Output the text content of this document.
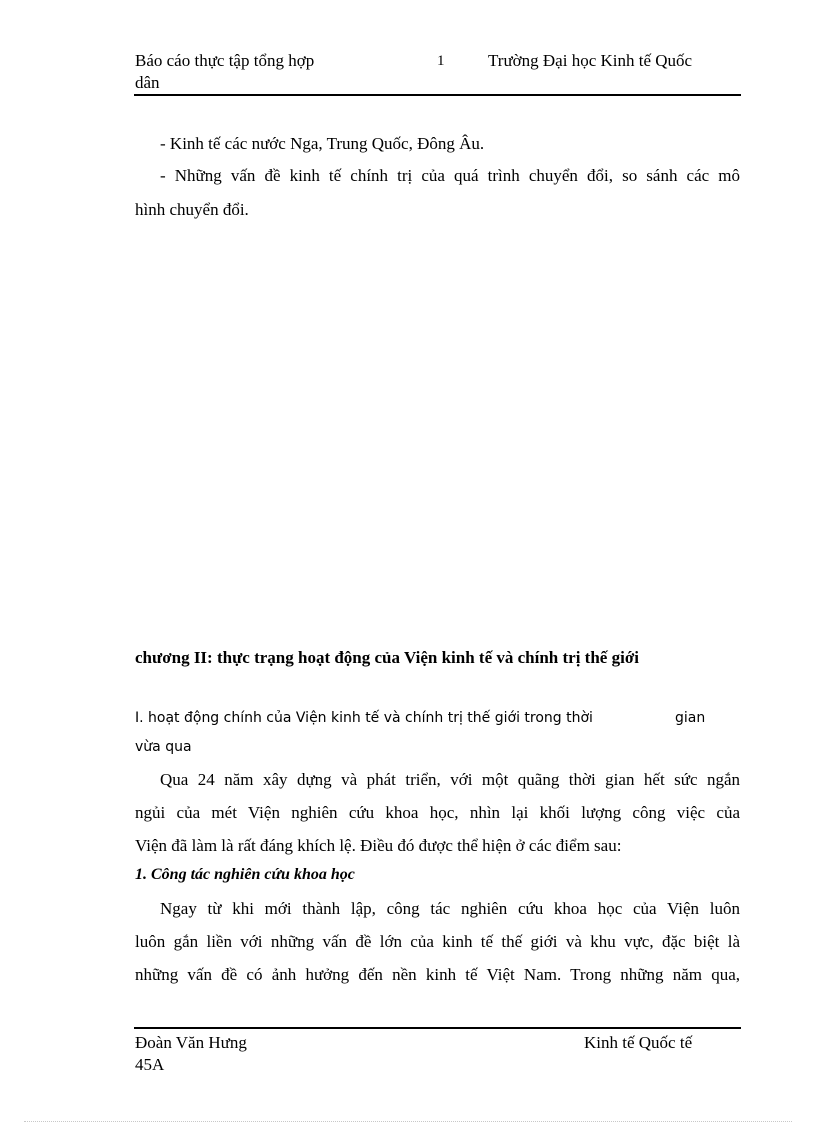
Báo cáo thực tập tổng hợp
dân
1	Trường Đại học Kinh tế Quốc
- Kinh tế các nước Nga, Trung Quốc, Đông Âu.
- Những vấn đề kinh tế chính trị của quá trình chuyển đổi, so sánh các mô
hình chuyển đổi.
chương II: thực trạng hoạt động của Viện kinh tế và chính trị thế giới
I. hoạt động chính của Viện kinh tế và chính trị thế giới trong thời	gian
vừa qua
Qua 24 năm xây dựng và phát triển, với một quãng thời gian hết sức ngắn
ngủi của mét Viện nghiên cứu khoa học, nhìn lại khối lượng công việc của
Viện đã làm là rất đáng khích lệ. Điều đó được thể hiện ở các điểm sau:
1. Công tác nghiên cứu khoa học
Ngay từ khi mới thành lập, công tác nghiên cứu khoa học của Viện luôn
luôn gắn liền với những vấn đề lớn của kinh tế thế giới và khu vực, đặc biệt là
những vấn đề có ảnh hưởng đến nền kinh tế Việt Nam. Trong những năm qua,
Đoàn Văn Hưng
45A
Kinh tế Quốc tế
